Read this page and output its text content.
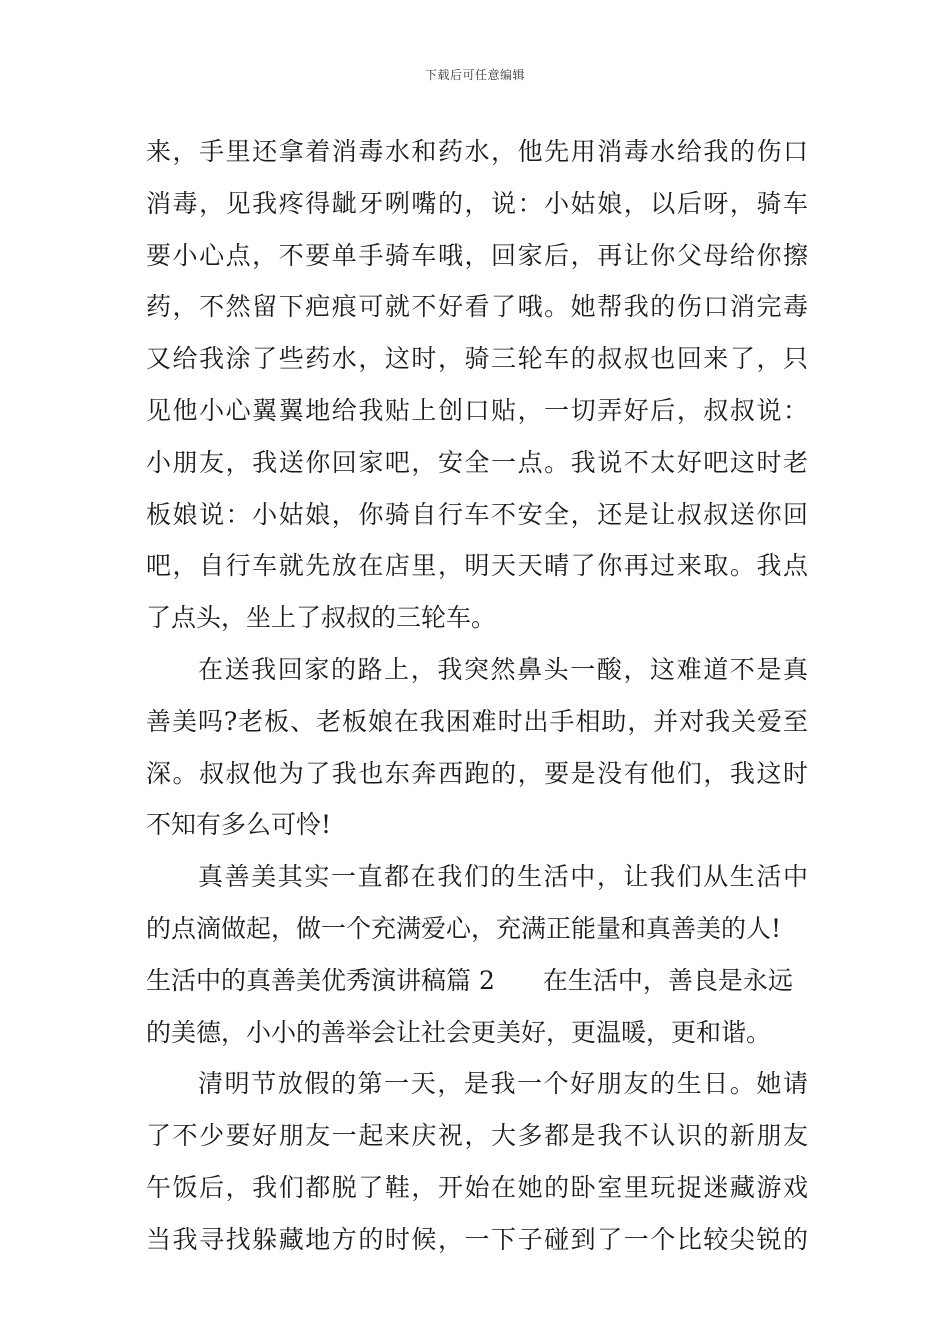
下载后可任意编辑
来，手里还拿着消毒水和药水，他先用消毒水给我的伤口
消毒，见我疼得龇牙咧嘴的，说：小姑娘，以后呀，骑车
要小心点，不要单手骑车哦，回家后，再让你父母给你擦
药，不然留下疤痕可就不好看了哦。她帮我的伤口消完毒
又给我涂了些药水，这时，骑三轮车的叔叔也回来了，只
见他小心翼翼地给我贴上创口贴，一切弄好后，叔叔说：
小朋友，我送你回家吧，安全一点。我说不太好吧这时老
板娘说：小姑娘，你骑自行车不安全，还是让叔叔送你回
吧，自行车就先放在店里，明天天晴了你再过来取。我点
了点头，坐上了叔叔的三轮车。
在送我回家的路上，我突然鼻头一酸，这难道不是真
善美吗?老板、老板娘在我困难时出手相助，并对我关爱至
深。叔叔他为了我也东奔西跑的，要是没有他们，我这时
不知有多么可怜!
真善美其实一直都在我们的生活中，让我们从生活中
的点滴做起，做一个充满爱心，充满正能量和真善美的人!
生活中的真善美优秀演讲稿篇 2 在生活中，善良是永远
的美德，小小的善举会让社会更美好，更温暖，更和谐。
清明节放假的第一天，是我一个好朋友的生日。她请
了不少要好朋友一起来庆祝，大多都是我不认识的新朋友
午饭后，我们都脱了鞋，开始在她的卧室里玩捉迷藏游戏
当我寻找躲藏地方的时候，一下子碰到了一个比较尖锐的
